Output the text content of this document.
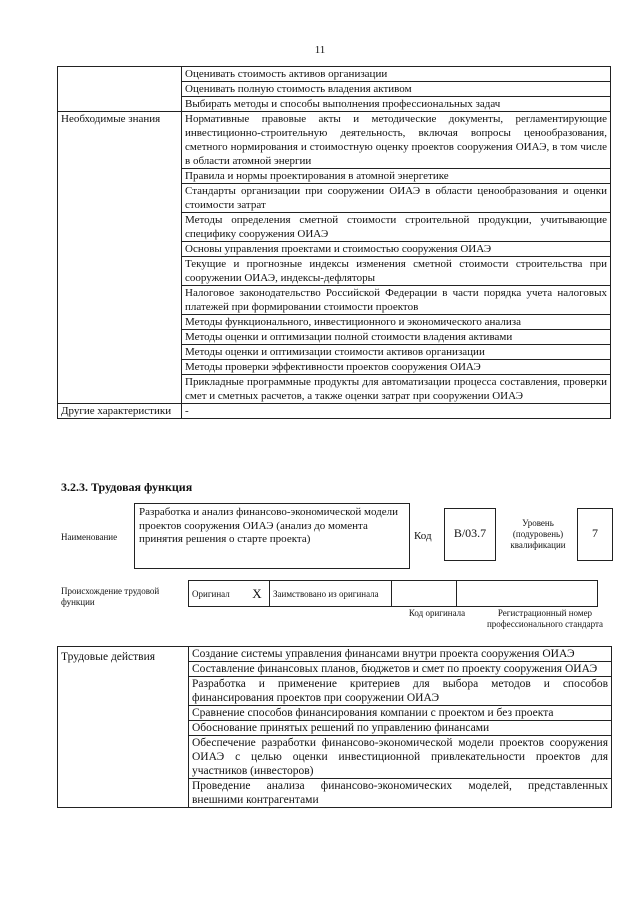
11
	Оценивать стоимость активов организации
	Оценивать полную стоимость владения активом
	Выбирать методы и способы выполнения профессиональных задач
Необходимые знания	Нормативные правовые акты и методические документы, регламентирующие инвестиционно-строительную деятельность, включая вопросы ценообразования, сметного нормирования и стоимостную оценку проектов сооружения ОИАЭ, в том числе в области атомной энергии
	Правила и нормы проектирования в атомной энергетике
	Стандарты организации при сооружении ОИАЭ в области ценообразования и оценки стоимости затрат
	Методы определения сметной стоимости строительной продукции, учитывающие специфику сооружения ОИАЭ
	Основы управления проектами и стоимостью сооружения ОИАЭ
	Текущие и прогнозные индексы изменения сметной стоимости строительства при сооружении ОИАЭ, индексы-дефляторы
	Налоговое законодательство Российской Федерации в части порядка учета налоговых платежей при формировании стоимости проектов
	Методы функционального, инвестиционного и экономического анализа
	Методы оценки и оптимизации полной стоимости владения активами
	Методы оценки и оптимизации стоимости активов организации
	Методы проверки эффективности проектов сооружения ОИАЭ
	Прикладные программные продукты для автоматизации процесса составления, проверки смет и сметных расчетов, а также оценки затрат при сооружении ОИАЭ
Другие характеристики	-
3.2.3. Трудовая функция
Наименование
Разработка и анализ финансово-экономической модели проектов сооружения ОИАЭ (анализ до момента принятия решения о старте проекта)	Код	В/03.7
Уровень (подуровень) квалификации
7
Происхождение трудовой функции
Оригинал	X	Заимствовано из оригинала		
Код оригинала	Регистрационный номер профессионального стандарта
Трудовые действия	Создание системы управления финансами внутри проекта сооружения ОИАЭ
Составление финансовых планов, бюджетов и смет по проекту сооружения ОИАЭ
Разработка и применение критериев для выбора методов и способов финансирования проектов при сооружении ОИАЭ
Сравнение способов финансирования компании с проектом и без проекта
Обоснование принятых решений по управлению финансами
Обеспечение разработки финансово-экономической модели проектов сооружения ОИАЭ с целью оценки инвестиционной привлекательности проектов для участников (инвесторов)
Проведение анализа финансово-экономических моделей, представленных внешними контрагентами
